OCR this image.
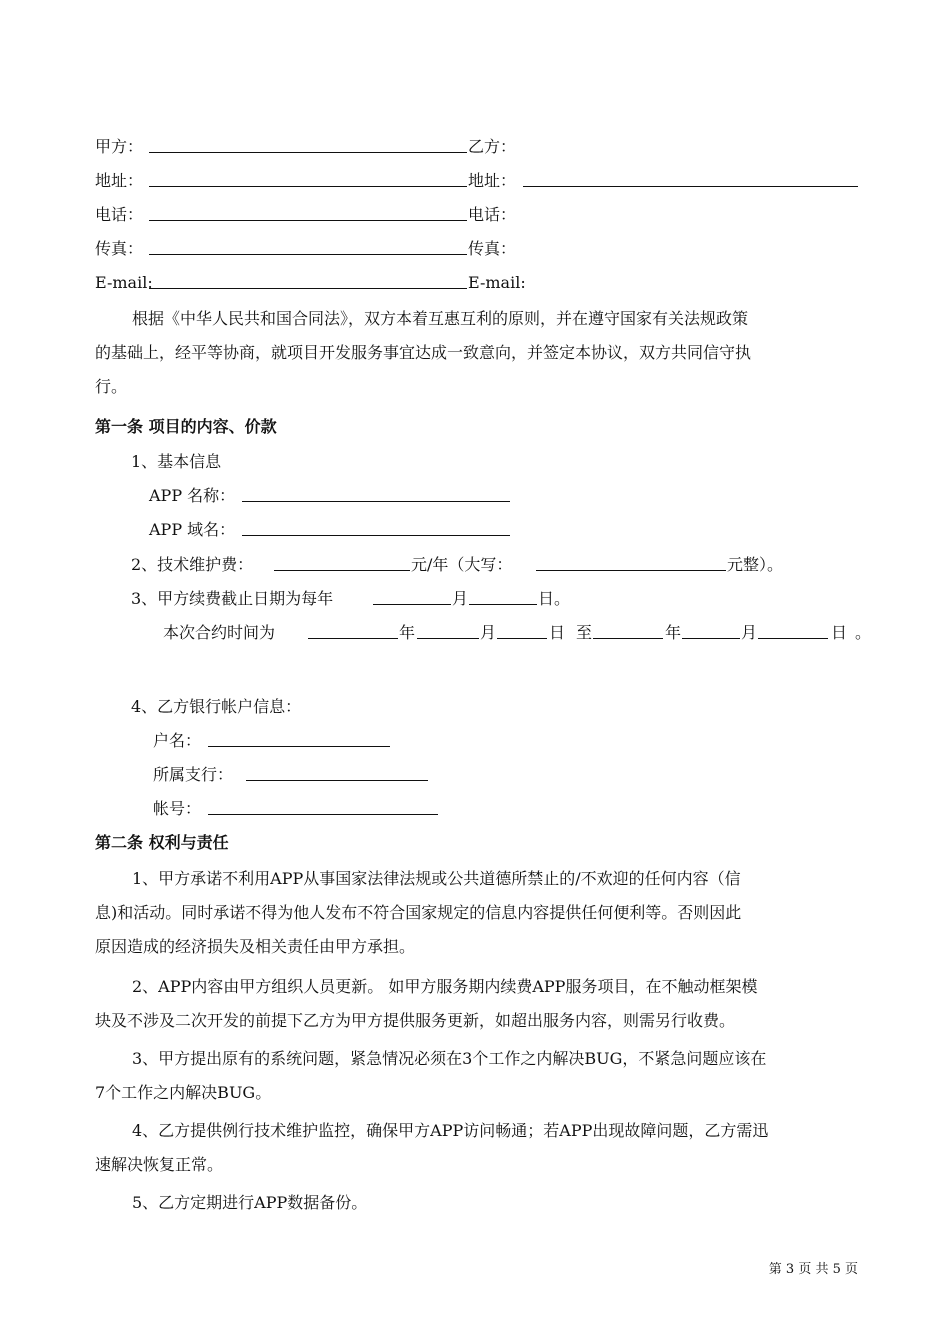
甲方：	乙方：
地址：	地址：
电话：	电话：
传真：	传真：
E-mail:	E-mail:
根据《中华人民共和国合同法》，双方本着互惠互利的原则，并在遵守国家有关法规政策
的基础上，经平等协商，就项目开发服务事宜达成一致意向，并签定本协议，双方共同信守执
行。
第一条 项目的内容、价款
1、基本信息
APP 名称：
APP 域名：
2、技术维护费：	元/年（大写：	元整）。
3、甲方续费截止日期为每年	月	日。
本次合约时间为	年	月	日 至	年	月	日 。
4、乙方银行帐户信息：
户名：
所属支行：
帐号：
第二条 权利与责任
1、甲方承诺不利用APP从事国家法律法规或公共道德所禁止的/不欢迎的任何内容（信
息)和活动。同时承诺不得为他人发布不符合国家规定的信息内容提供任何便利等。否则因此
原因造成的经济损失及相关责任由甲方承担。
2、APP内容由甲方组织人员更新。 如甲方服务期内续费APP服务项目，在不触动框架模
块及不涉及二次开发的前提下乙方为甲方提供服务更新，如超出服务内容，则需另行收费。
3、甲方提出原有的系统问题，紧急情况必须在3个工作之内解决BUG，不紧急问题应该在
7个工作之内解决BUG。
4、乙方提供例行技术维护监控，确保甲方APP访问畅通；若APP出现故障问题，乙方需迅
速解决恢复正常。
5、乙方定期进行APP数据备份。
第 3 页 共 5 页
